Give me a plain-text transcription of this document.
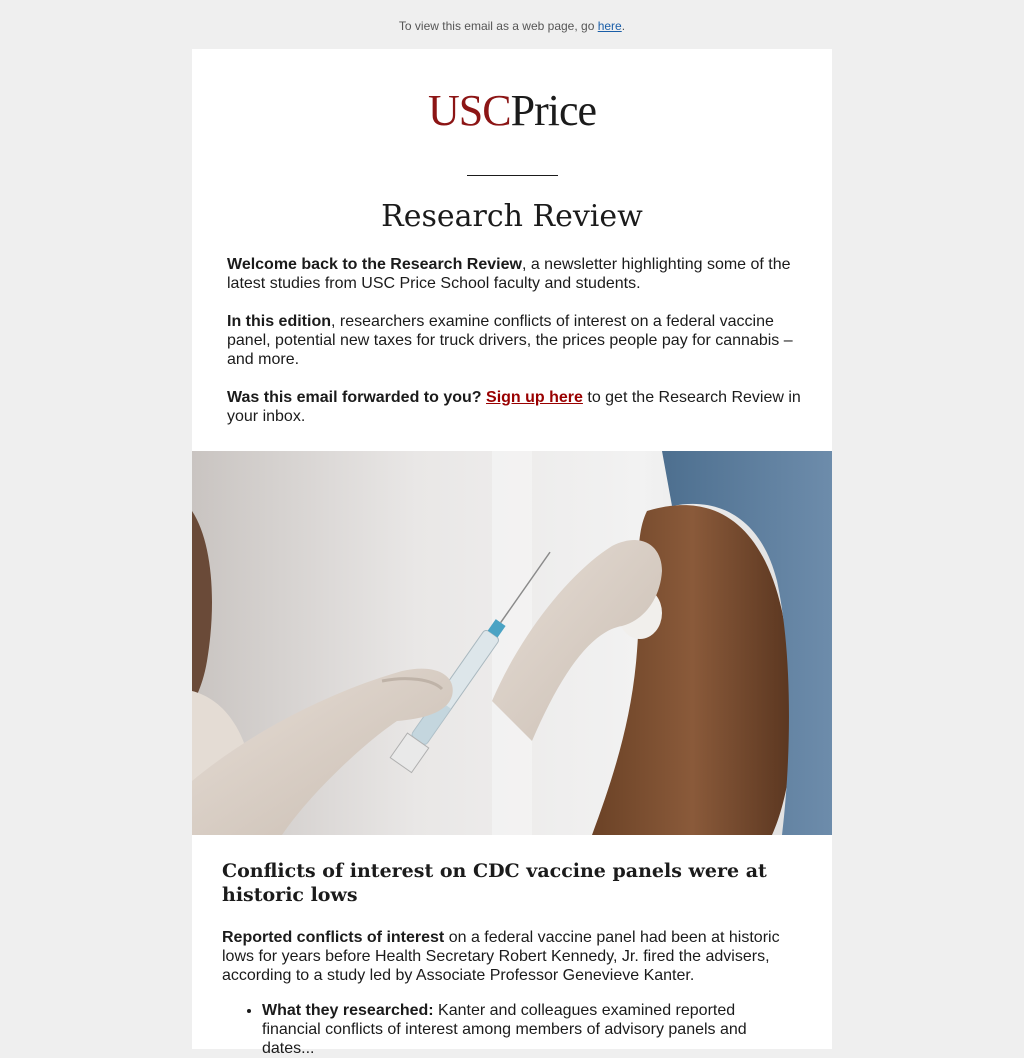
To view this email as a web page, go here.
USCPrice
Research Review

Welcome back to the Research Review, a newsletter highlighting some of the latest studies from USC Price School faculty and students.

In this edition, researchers examine conflicts of interest on a federal vaccine panel, potential new taxes for truck drivers, the prices people pay for cannabis – and more.

Was this email forwarded to you? Sign up here to get the Research Review in your inbox.

Conflicts of interest on CDC vaccine panels were at historic lows

Reported conflicts of interest on a federal vaccine panel had been at historic lows for years before Health Secretary Robert Kennedy, Jr. fired the advisers, according to a study led by Associate Professor Genevieve Kanter.

• What they researched: Kanter and colleagues examined reported financial conflicts of interest among members of advisory panels and dates...
